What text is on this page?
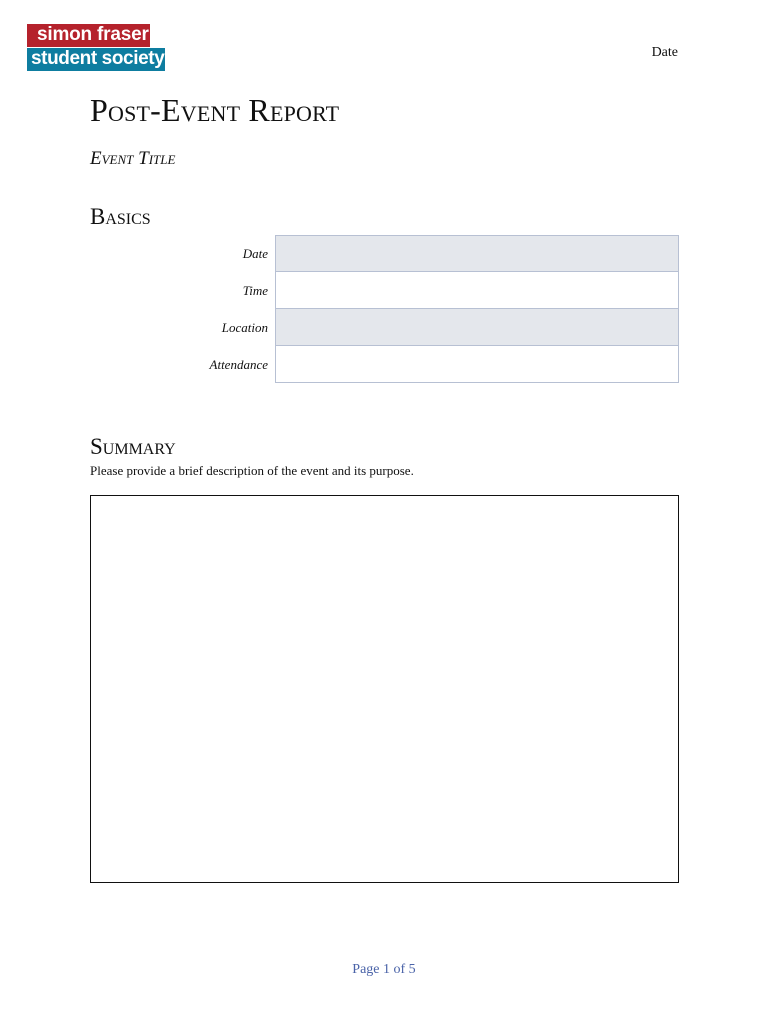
simon fraser
student society	Date
Post-Event Report
Event Title
Basics
Date
Time
Location
Attendance
Summary
Please provide a brief description of the event and its purpose.
Page 1 of 5
